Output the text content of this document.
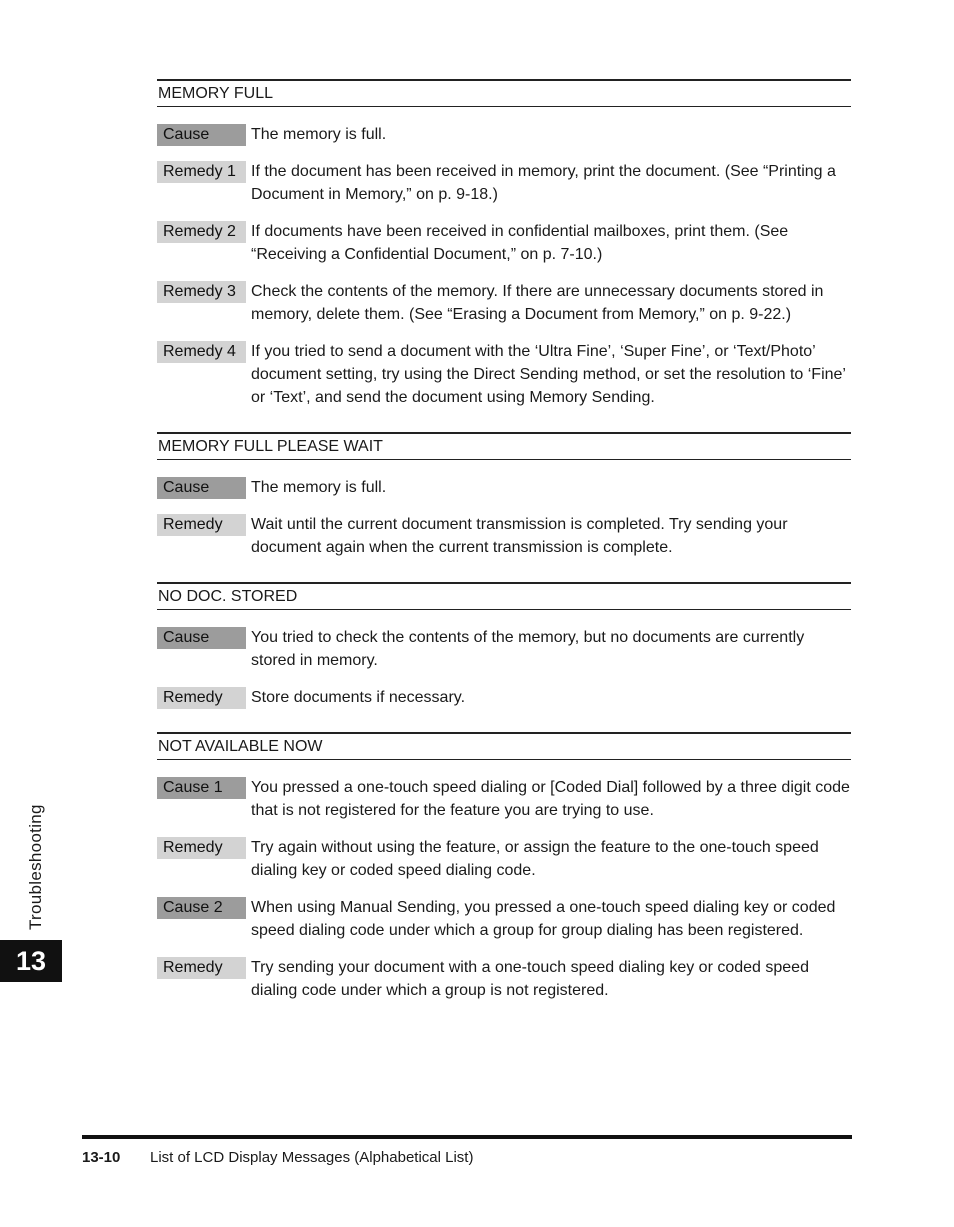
MEMORY FULL
Cause	The memory is full.
Remedy 1 If the document has been received in memory, print the document. (See “Printing a Document in Memory,” on p. 9-18.)
Remedy 2 If documents have been received in confidential mailboxes, print them. (See “Receiving a Confidential Document,” on p. 7-10.)
Remedy 3 Check the contents of the memory. If there are unnecessary documents stored in memory, delete them. (See “Erasing a Document from Memory,” on p. 9-22.)
Remedy 4 If you tried to send a document with the ‘Ultra Fine’, ‘Super Fine’, or ‘Text/Photo’ document setting, try using the Direct Sending method, or set the resolution to ‘Fine’ or ‘Text’, and send the document using Memory Sending.
MEMORY FULL PLEASE WAIT
Cause	The memory is full.
Remedy	Wait until the current document transmission is completed. Try sending your document again when the current transmission is complete.
NO DOC. STORED
Cause	You tried to check the contents of the memory, but no documents are currently stored in memory.
Remedy	Store documents if necessary.
NOT AVAILABLE NOW
Cause 1	You pressed a one-touch speed dialing or [Coded Dial] followed by a three digit code that is not registered for the feature you are trying to use.
Remedy	Try again without using the feature, or assign the feature to the one-touch speed dialing key or coded speed dialing code.
Cause 2	When using Manual Sending, you pressed a one-touch speed dialing key or coded speed dialing code under which a group for group dialing has been registered.
Remedy	Try sending your document with a one-touch speed dialing key or coded speed dialing code under which a group is not registered.
Troubleshooting
13
13-10 List of LCD Display Messages (Alphabetical List)
